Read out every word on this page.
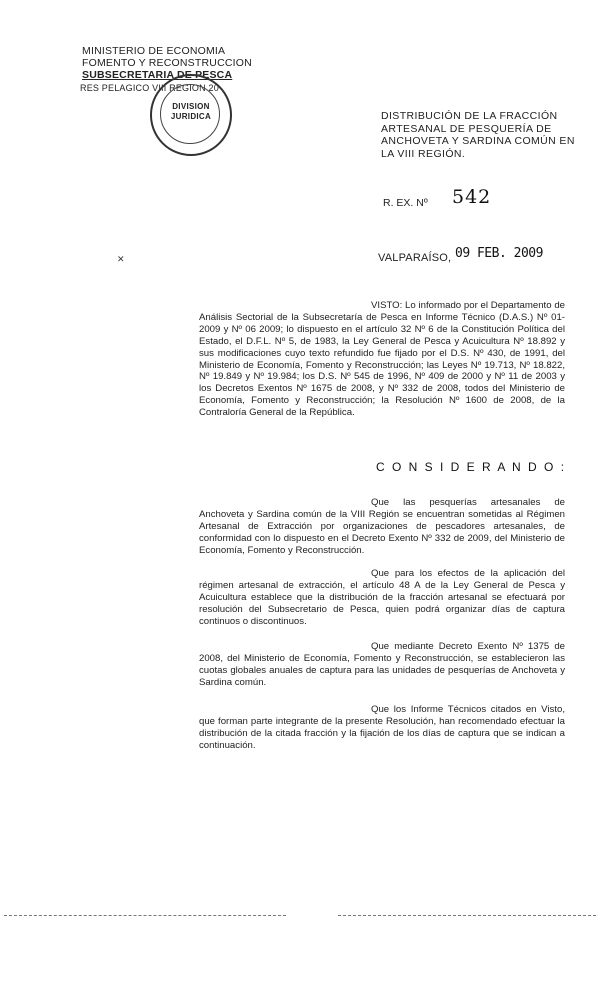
MINISTERIO DE ECONOMIA
FOMENTO Y RECONSTRUCCION
SUBSECRETARIA DE PESCA
RES PELAGICO VIII REGION 20
DIVISION
JURIDICA
✕
DISTRIBUCIÓN DE LA FRACCIÓN ARTESANAL DE PESQUERÍA DE ANCHOVETA Y SARDINA COMÚN EN LA VIII REGIÓN.
R. EX. Nº 542
VALPARAÍSO, 09 FEB. 2009
VISTO: Lo informado por el Departamento de Análisis Sectorial de la Subsecretaría de Pesca en Informe Técnico (D.A.S.) Nº 01-2009 y Nº 06 2009; lo dispuesto en el artículo 32 Nº 6 de la Constitución Política del Estado, el D.F.L. Nº 5, de 1983, la Ley General de Pesca y Acuicultura Nº 18.892 y sus modificaciones cuyo texto refundido fue fijado por el D.S. Nº 430, de 1991, del Ministerio de Economía, Fomento y Reconstrucción; las Leyes Nº 19.713, Nº 18.822, Nº 19.849 y Nº 19.984; los D.S. Nº 545 de 1996, Nº 409 de 2000 y Nº 11 de 2003 y los Decretos Exentos Nº 1675 de 2008, y Nº 332 de 2008, todos del Ministerio de Economía, Fomento y Reconstrucción; la Resolución Nº 1600 de 2008, de la Contraloría General de la República.
C O N S I D E R A N D O :
Que las pesquerías artesanales de Anchoveta y Sardina común de la VIII Región se encuentran sometidas al Régimen Artesanal de Extracción por organizaciones de pescadores artesanales, de conformidad con lo dispuesto en el Decreto Exento Nº 332 de 2009, del Ministerio de Economía, Fomento y Reconstrucción.
Que para los efectos de la aplicación del régimen artesanal de extracción, el artículo 48 A de la Ley General de Pesca y Acuicultura establece que la distribución de la fracción artesanal se efectuará por resolución del Subsecretario de Pesca, quien podrá organizar días de captura continuos o discontinuos.
Que mediante Decreto Exento Nº 1375 de 2008, del Ministerio de Economía, Fomento y Reconstrucción, se establecieron las cuotas globales anuales de captura para las unidades de pesquerías de Anchoveta y Sardina común.
Que los Informe Técnicos citados en Visto, que forman parte integrante de la presente Resolución, han recomendado efectuar la distribución de la citada fracción y la fijación de los días de captura que se indican a continuación.
